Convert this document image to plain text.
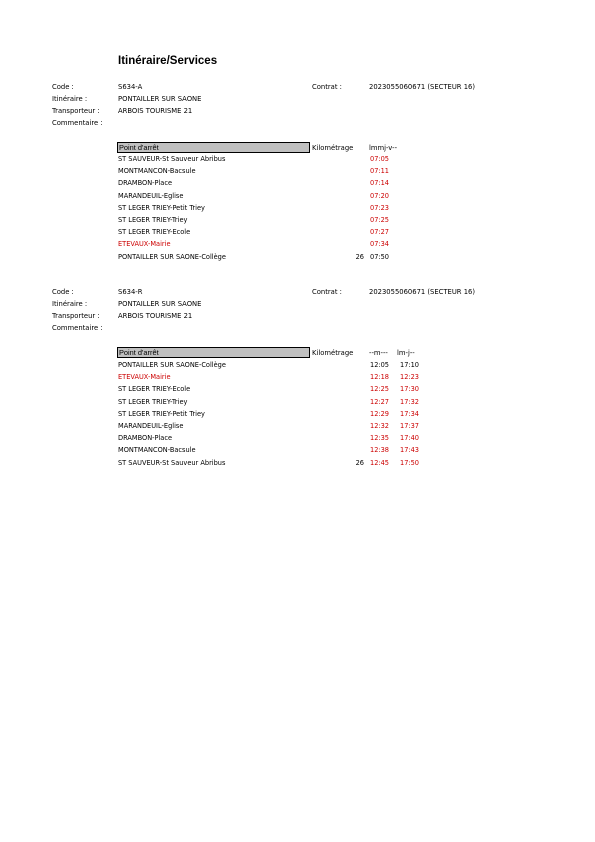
Itinéraire/Services
Code :	S634-A	Contrat :	2023055060671 (SECTEUR 16)
Itinéraire :	PONTAILLER SUR SAONE
Transporteur :	ARBOIS TOURISME 21
Commentaire :
Point d'arrêt	Kilométrage lmmj-v--
ST SAUVEUR-St Sauveur Abribus	07:05
MONTMANCON-Bacsule	07:11
DRAMBON-Place	07:14
MARANDEUIL-Eglise	07:20
ST LEGER TRIEY-Petit Triey	07:23
ST LEGER TRIEY-Triey	07:25
ST LEGER TRIEY-Ecole	07:27
ETEVAUX-Mairie	07:34
PONTAILLER SUR SAONE-Collège	26 07:50
Code :	S634-R	Contrat :	2023055060671 (SECTEUR 16)
Itinéraire :	PONTAILLER SUR SAONE
Transporteur :	ARBOIS TOURISME 21
Commentaire :
Point d'arrêt	Kilométrage --m--- lm-j--
PONTAILLER SUR SAONE-Collège	12:05 17:10
ETEVAUX-Mairie	12:18 12:23
ST LEGER TRIEY-Ecole	12:25 17:30
ST LEGER TRIEY-Triey	12:27 17:32
ST LEGER TRIEY-Petit Triey	12:29 17:34
MARANDEUIL-Eglise	12:32 17:37
DRAMBON-Place	12:35 17:40
MONTMANCON-Bacsule	12:38 17:43
ST SAUVEUR-St Sauveur Abribus	26 12:45 17:50
